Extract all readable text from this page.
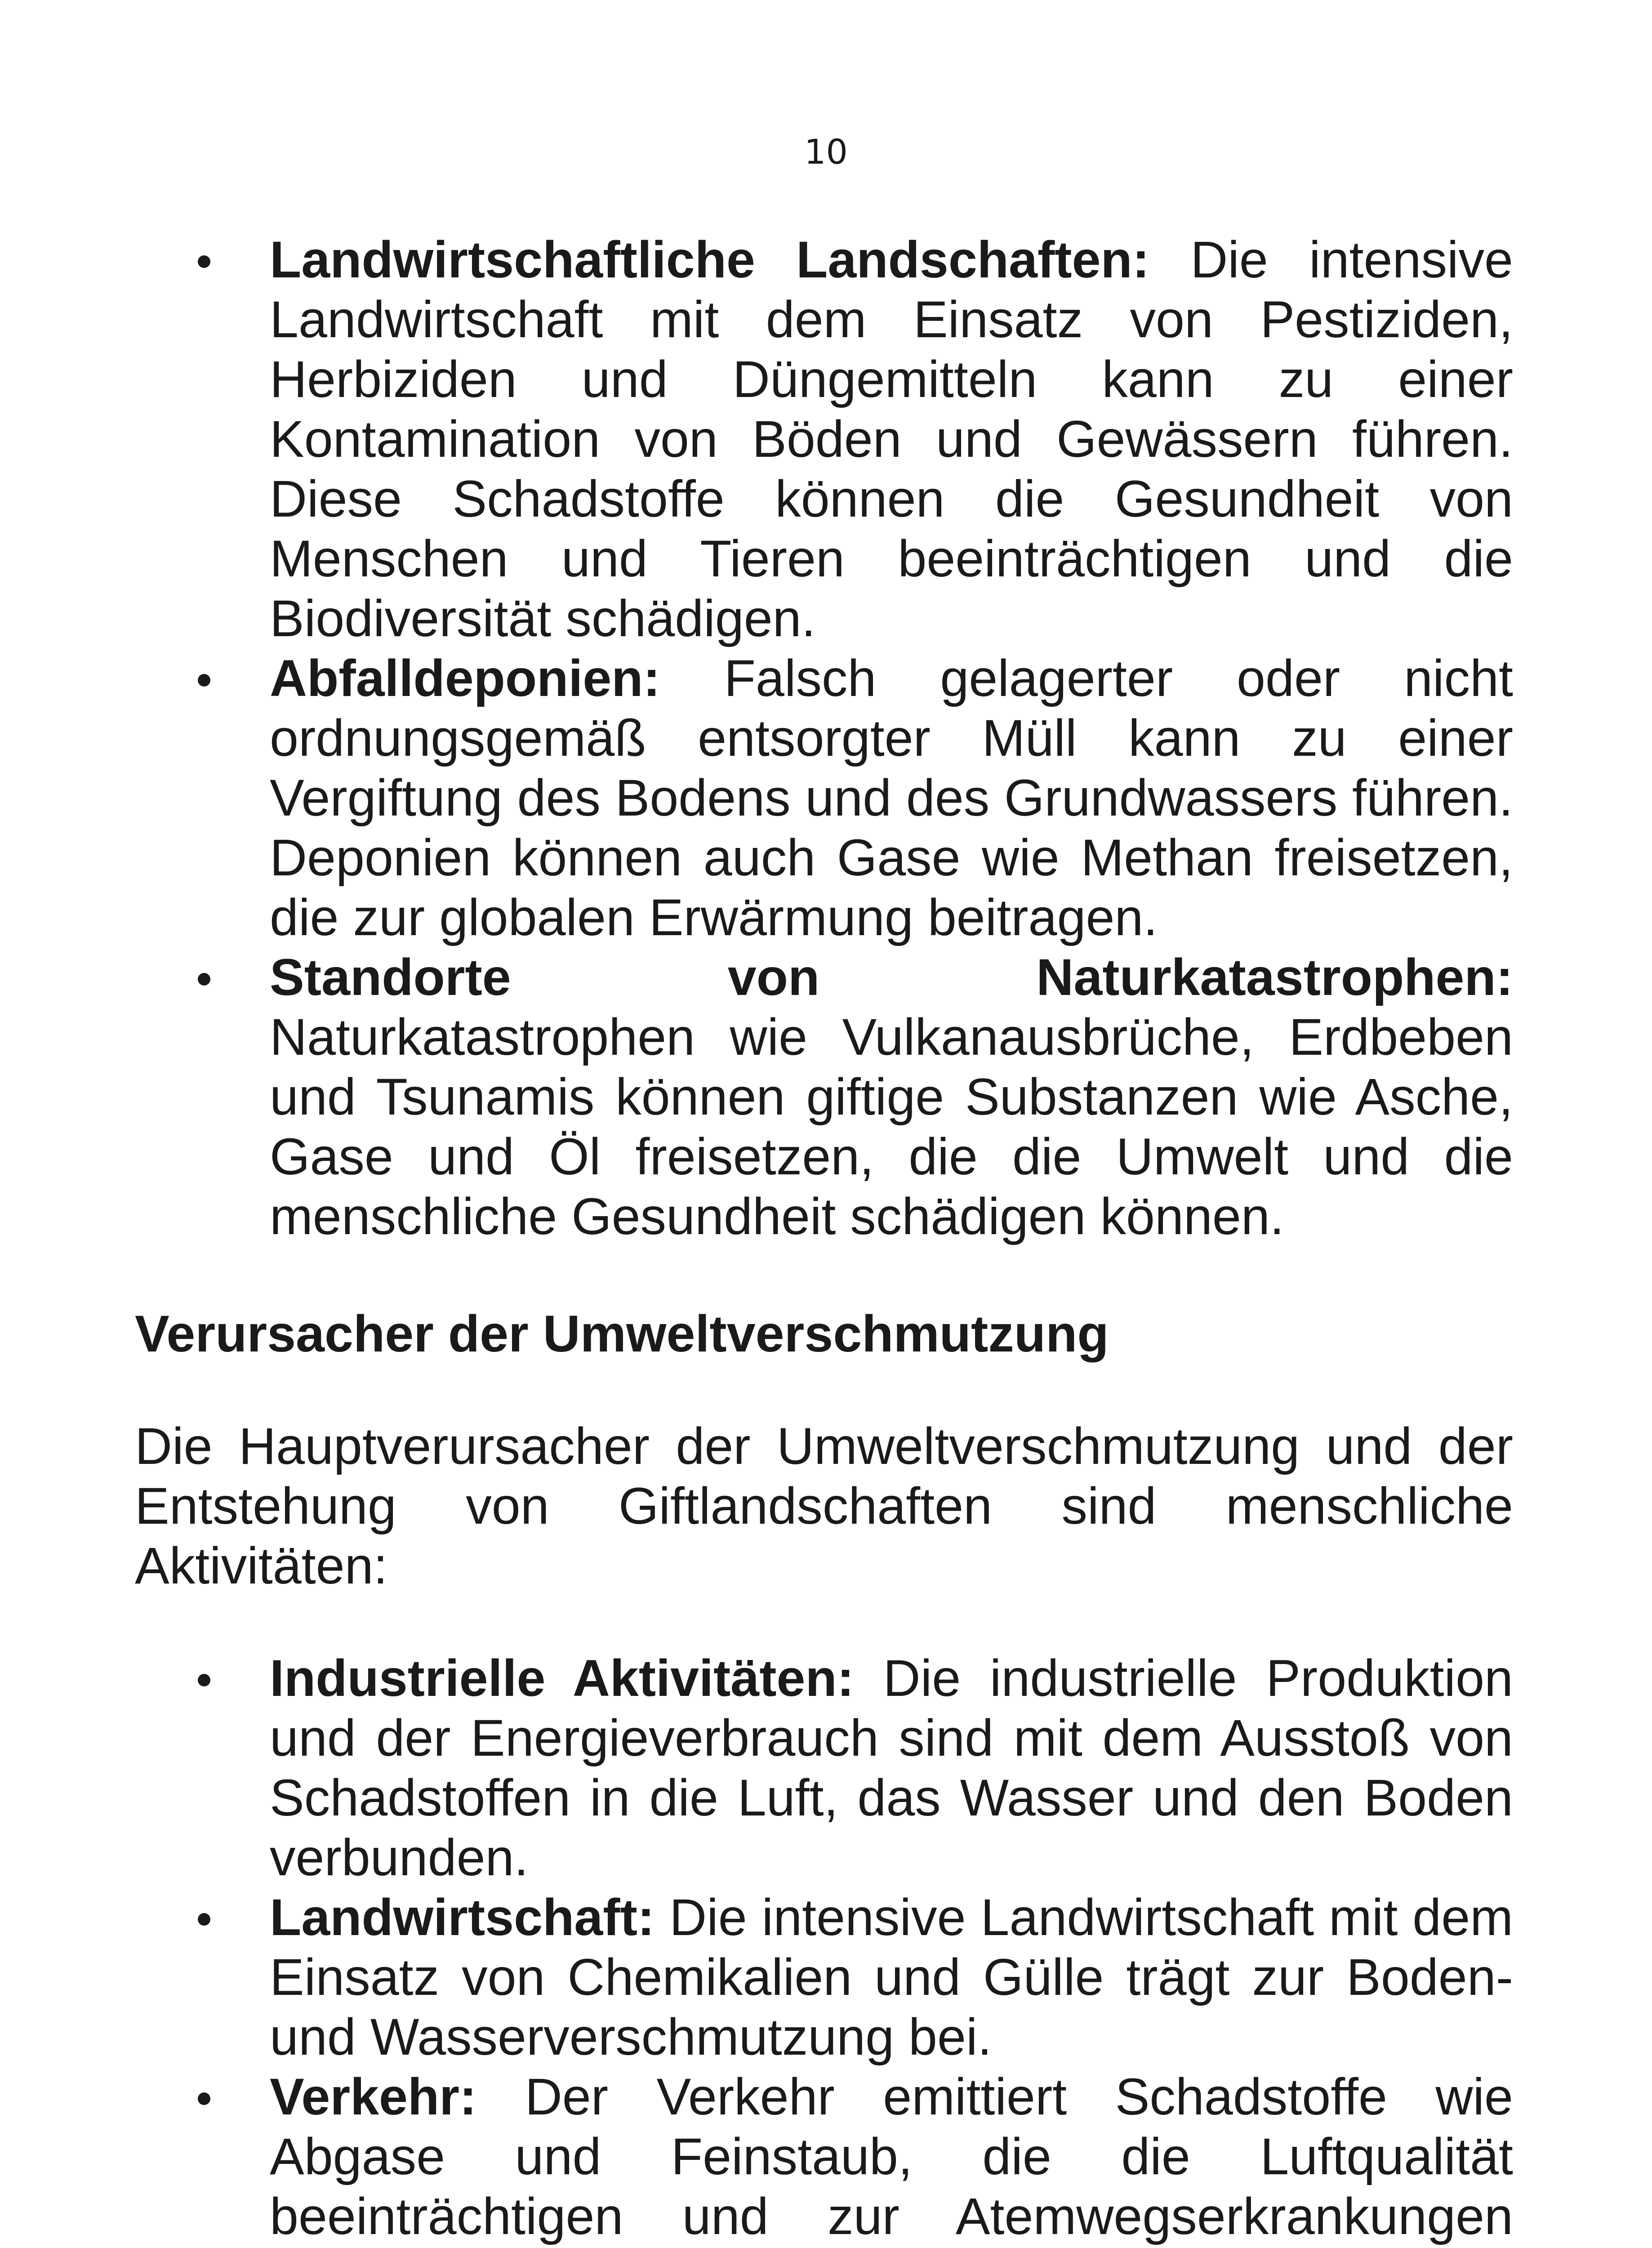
10
Landwirtschaftliche Landschaften: Die intensive Landwirtschaft mit dem Einsatz von Pestiziden, Herbiziden und Düngemitteln kann zu einer Kontamination von Böden und Gewässern führen. Diese Schadstoffe können die Gesundheit von Menschen und Tieren beeinträchtigen und die Biodiversität schädigen.
Abfalldeponien: Falsch gelagerter oder nicht ordnungsgemäß entsorgter Müll kann zu einer Vergiftung des Bodens und des Grundwassers führen. Deponien können auch Gase wie Methan freisetzen, die zur globalen Erwärmung beitragen.
Standorte von Naturkatastrophen: Naturkatastrophen wie Vulkanausbrüche, Erdbeben und Tsunamis können giftige Substanzen wie Asche, Gase und Öl freisetzen, die die Umwelt und die menschliche Gesundheit schädigen können.
Verursacher der Umweltverschmutzung

Die Hauptverursacher der Umweltverschmutzung und der Entstehung von Giftlandschaften sind menschliche Aktivitäten:

Industrielle Aktivitäten: Die industrielle Produktion und der Energieverbrauch sind mit dem Ausstoß von Schadstoffen in die Luft, das Wasser und den Boden verbunden.
Landwirtschaft: Die intensive Landwirtschaft mit dem Einsatz von Chemikalien und Gülle trägt zur Boden- und Wasserverschmutzung bei.
Verkehr: Der Verkehr emittiert Schadstoffe wie Abgase und Feinstaub, die die Luftqualität beeinträchtigen und zur Atemwegserkrankungen
